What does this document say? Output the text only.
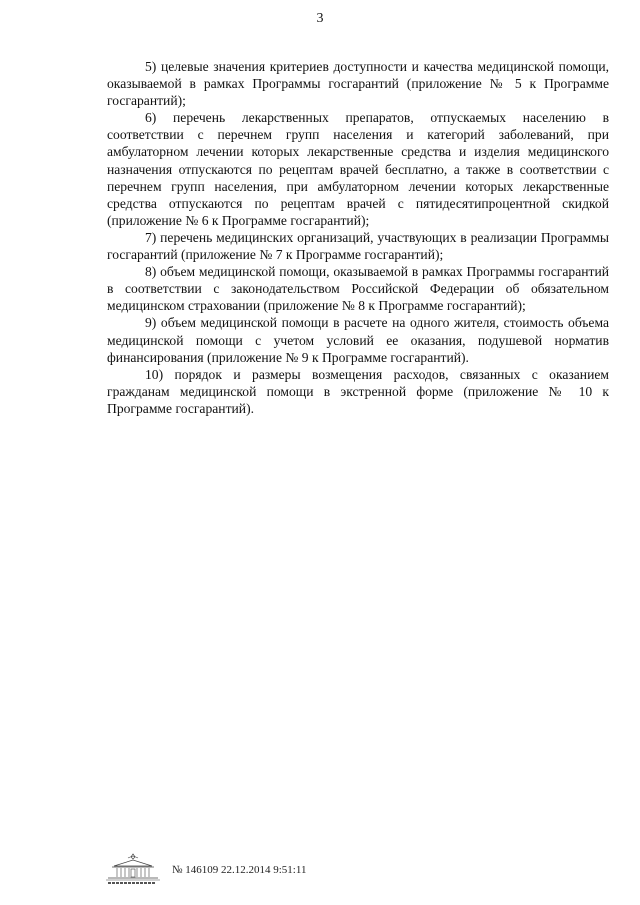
3

5) целевые значения критериев доступности и качества медицинской помощи, оказываемой в рамках Программы госгарантий (приложение № 5 к Программе госгарантий);

6) перечень лекарственных препаратов, отпускаемых населению в соответствии с перечнем групп населения и категорий заболеваний, при амбулаторном лечении которых лекарственные средства и изделия медицинского назначения отпускаются по рецептам врачей бесплатно, а также в соответствии с перечнем групп населения, при амбулаторном лечении которых лекарственные средства отпускаются по рецептам врачей с пятидесятипроцентной скидкой (приложение № 6 к Программе госгарантий);

7) перечень медицинских организаций, участвующих в реализации Программы госгарантий (приложение № 7 к Программе госгарантий);

8) объем медицинской помощи, оказываемой в рамках Программы госгарантий в соответствии с законодательством Российской Федерации об обязательном медицинском страховании (приложение № 8 к Программе госгарантий);

9) объем медицинской помощи в расчете на одного жителя, стоимость объема медицинской помощи с учетом условий ее оказания, подушевой норматив финансирования (приложение № 9 к Программе госгарантий).

10) порядок и размеры возмещения расходов, связанных с оказанием гражданам медицинской помощи в экстренной форме (приложение № 10 к Программе госгарантий).

№ 146109 22.12.2014 9:51:11
